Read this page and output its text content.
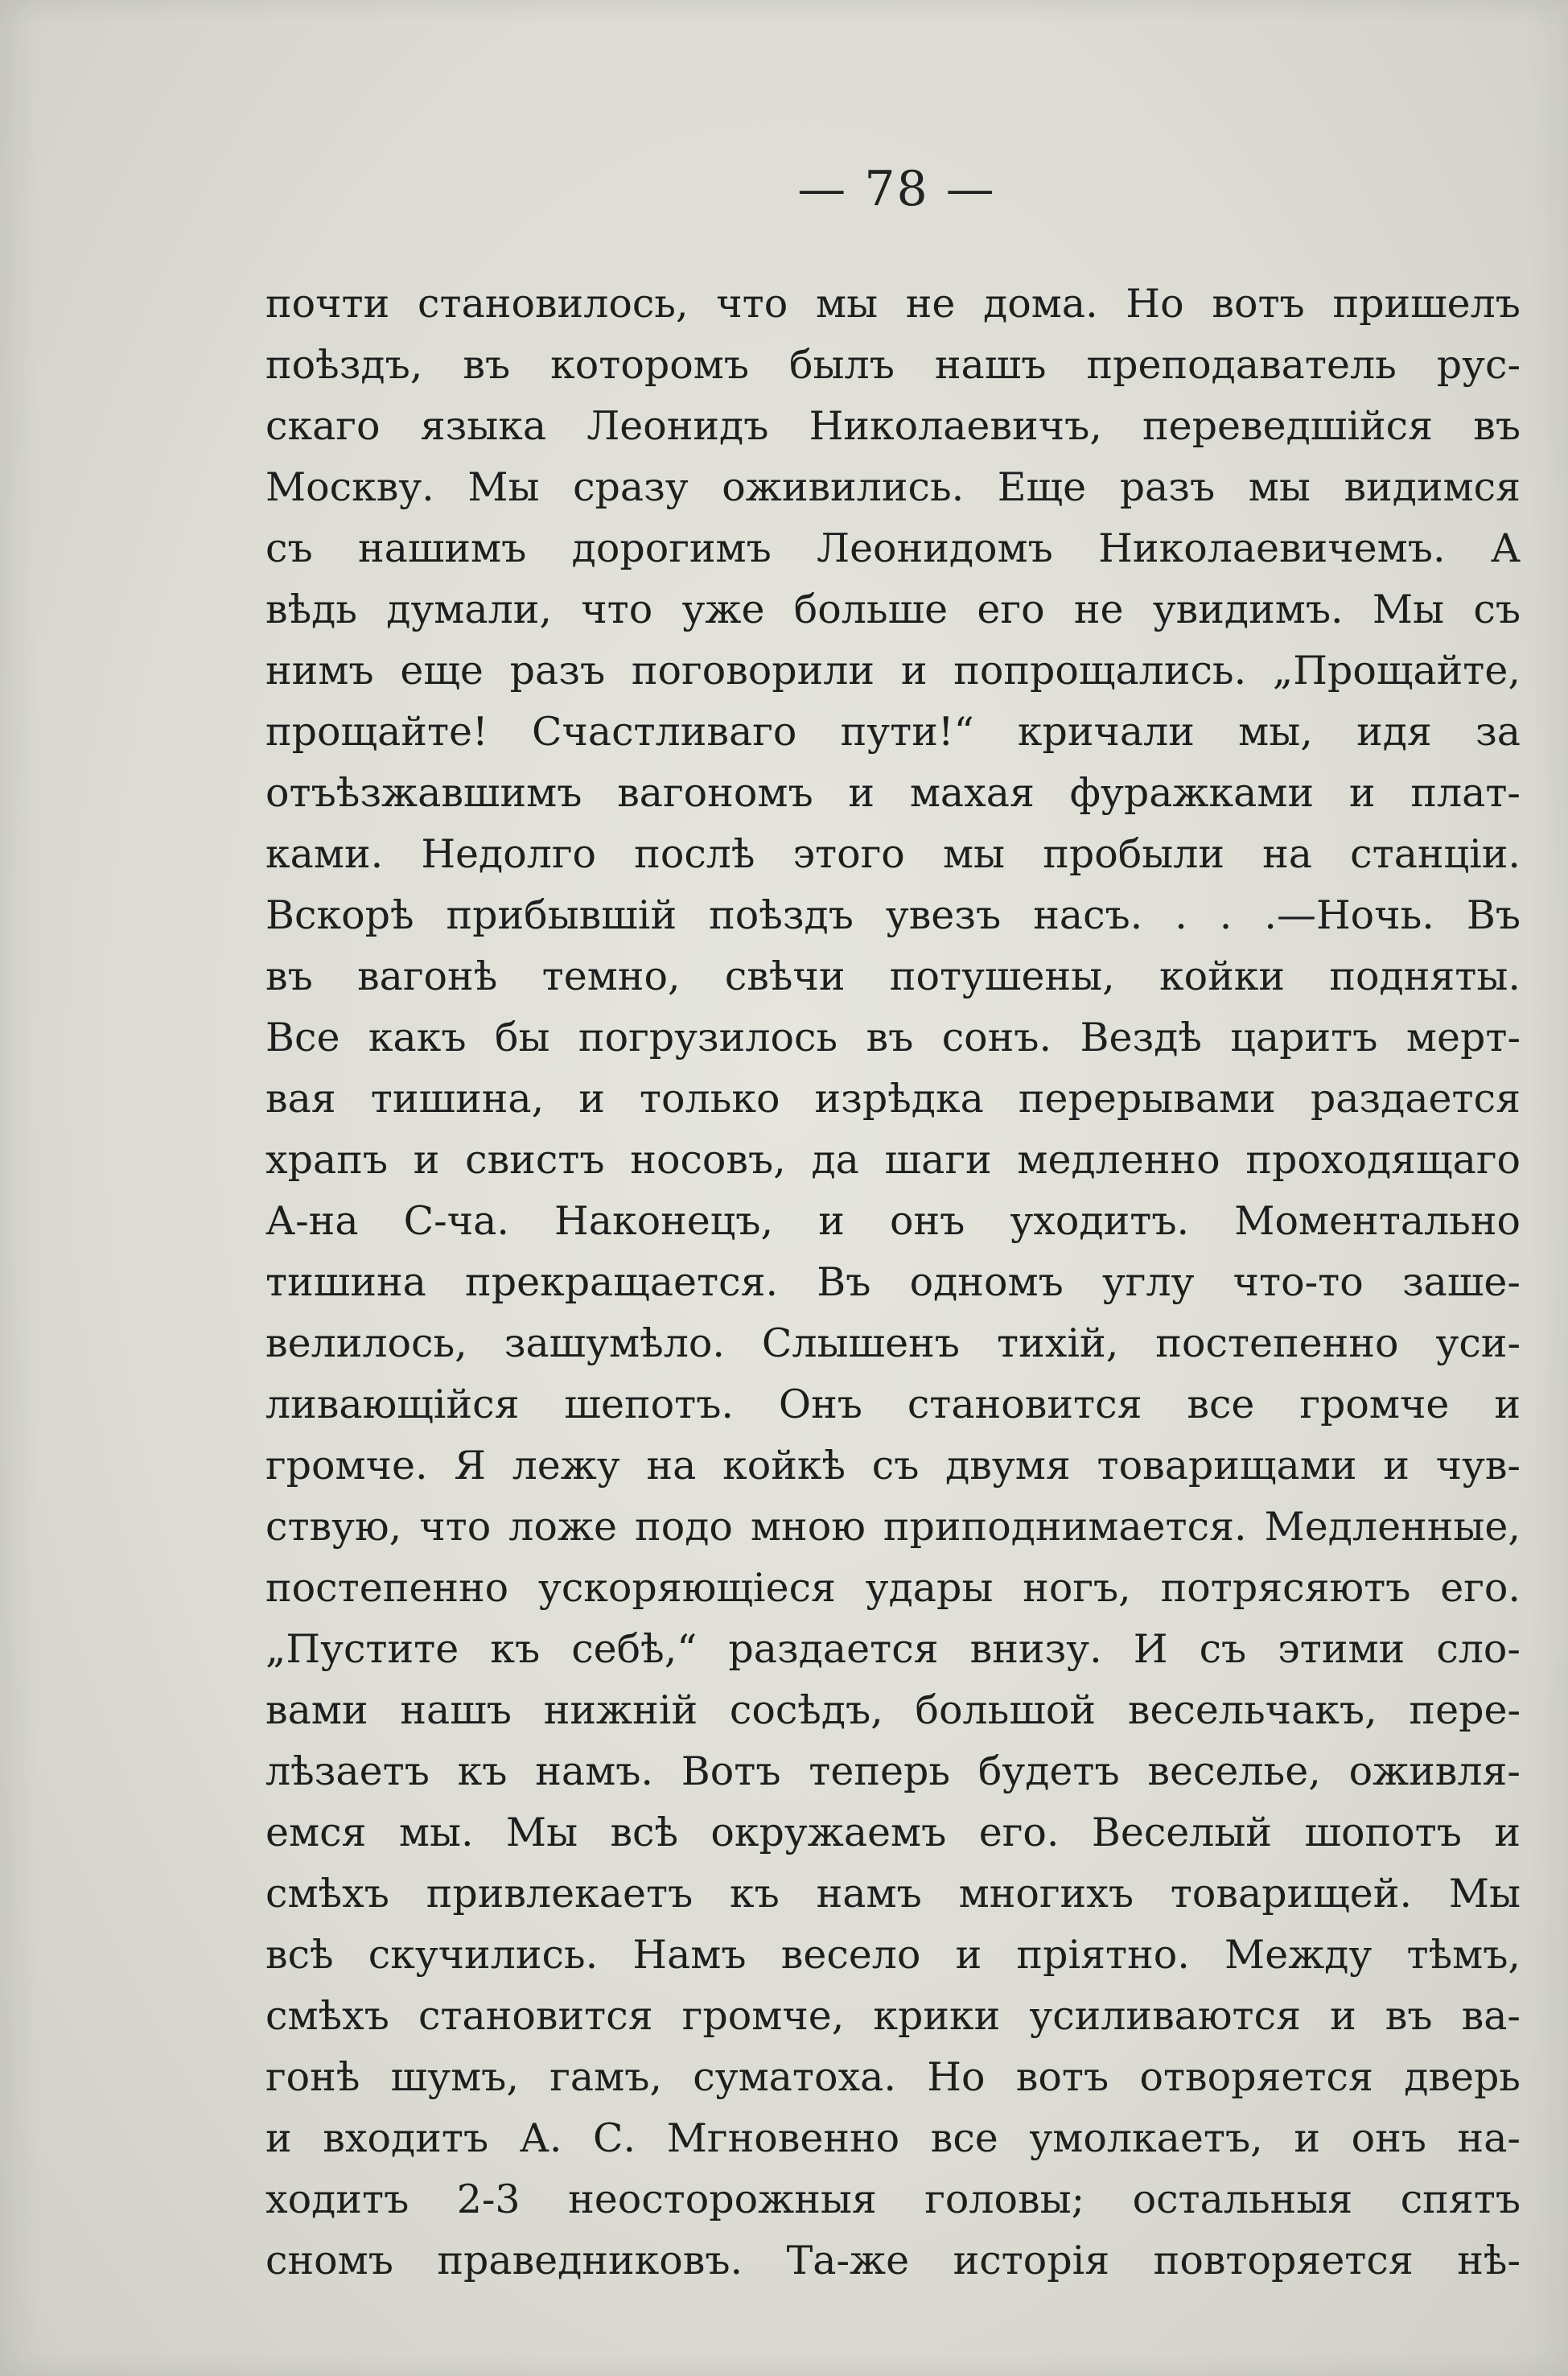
— 78 —
почти становилось, что мы не дома. Но вотъ пришелъ
поѣздъ, въ которомъ былъ нашъ преподаватель рус-
скаго языка Леонидъ Николаевичъ, переведшійся въ
Москву. Мы сразу оживились. Еще разъ мы видимся
съ нашимъ дорогимъ Леонидомъ Николаевичемъ. А
вѣдь думали, что уже больше его не увидимъ. Мы съ
нимъ еще разъ поговорили и попрощались. „Прощайте,
прощайте! Счастливаго пути!“ кричали мы, идя за
отъѣзжавшимъ вагономъ и махая фуражками и плат-
ками. Недолго послѣ этого мы пробыли на станціи.
Вскорѣ прибывшій поѣздъ увезъ насъ. . . .—Ночь. Въ
въ вагонѣ темно, свѣчи потушены, койки подняты.
Все какъ бы погрузилось въ сонъ. Вездѣ царитъ мерт-
вая тишина, и только изрѣдка перерывами раздается
храпъ и свистъ носовъ, да шаги медленно проходящаго
А-на С-ча. Наконецъ, и онъ уходитъ. Моментально
тишина прекращается. Въ одномъ углу что-то заше-
велилось, зашумѣло. Слышенъ тихій, постепенно уси-
ливающійся шепотъ. Онъ становится все громче и
громче. Я лежу на койкѣ съ двумя товарищами и чув-
ствую, что ложе подо мною приподнимается. Медленные,
постепенно ускоряющіеся удары ногъ, потрясяютъ его.
„Пустите къ себѣ,“ раздается внизу. И съ этими сло-
вами нашъ нижній сосѣдъ, большой весельчакъ, пере-
лѣзаетъ къ намъ. Вотъ теперь будетъ веселье, оживля-
емся мы. Мы всѣ окружаемъ его. Веселый шопотъ и
смѣхъ привлекаетъ къ намъ многихъ товарищей. Мы
всѣ скучились. Намъ весело и пріятно. Между тѣмъ,
смѣхъ становится громче, крики усиливаются и въ ва-
гонѣ шумъ, гамъ, суматоха. Но вотъ отворяется дверь
и входитъ А. С. Мгновенно все умолкаетъ, и онъ на-
ходитъ 2-3 неосторожныя головы; остальныя спятъ
сномъ праведниковъ. Та-же исторія повторяется нѣ-
